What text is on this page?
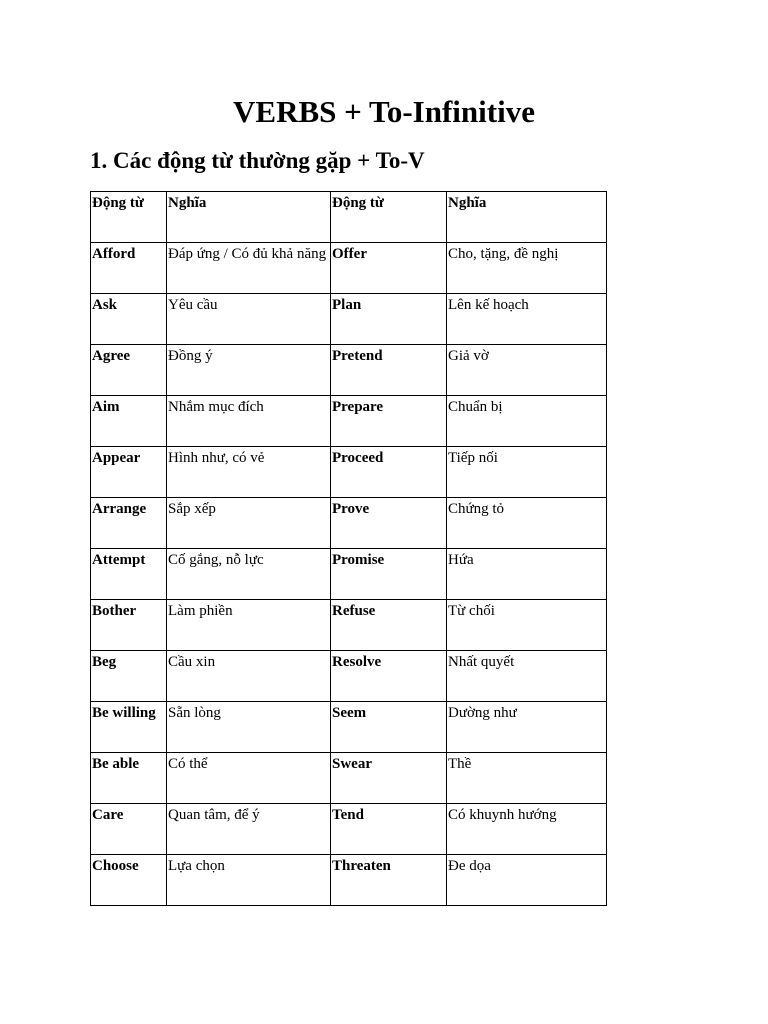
VERBS + To-Infinitive
1. Các động từ thường gặp + To-V
Động từ	Nghĩa	Động từ	Nghĩa
Afford	Đáp ứng / Có đủ khả năng	Offer	Cho, tặng, đề nghị
Ask	Yêu cầu	Plan	Lên kế hoạch
Agree	Đồng ý	Pretend	Giả vờ
Aim	Nhắm mục đích	Prepare	Chuẩn bị
Appear	Hình như, có vẻ	Proceed	Tiếp nối
Arrange	Sắp xếp	Prove	Chứng tỏ
Attempt	Cố gắng, nỗ lực	Promise	Hứa
Bother	Làm phiền	Refuse	Từ chối
Beg	Cầu xin	Resolve	Nhất quyết
Be willing	Sẵn lòng	Seem	Dường như
Be able	Có thể	Swear	Thề
Care	Quan tâm, để ý	Tend	Có khuynh hướng
Choose	Lựa chọn	Threaten	Đe dọa
